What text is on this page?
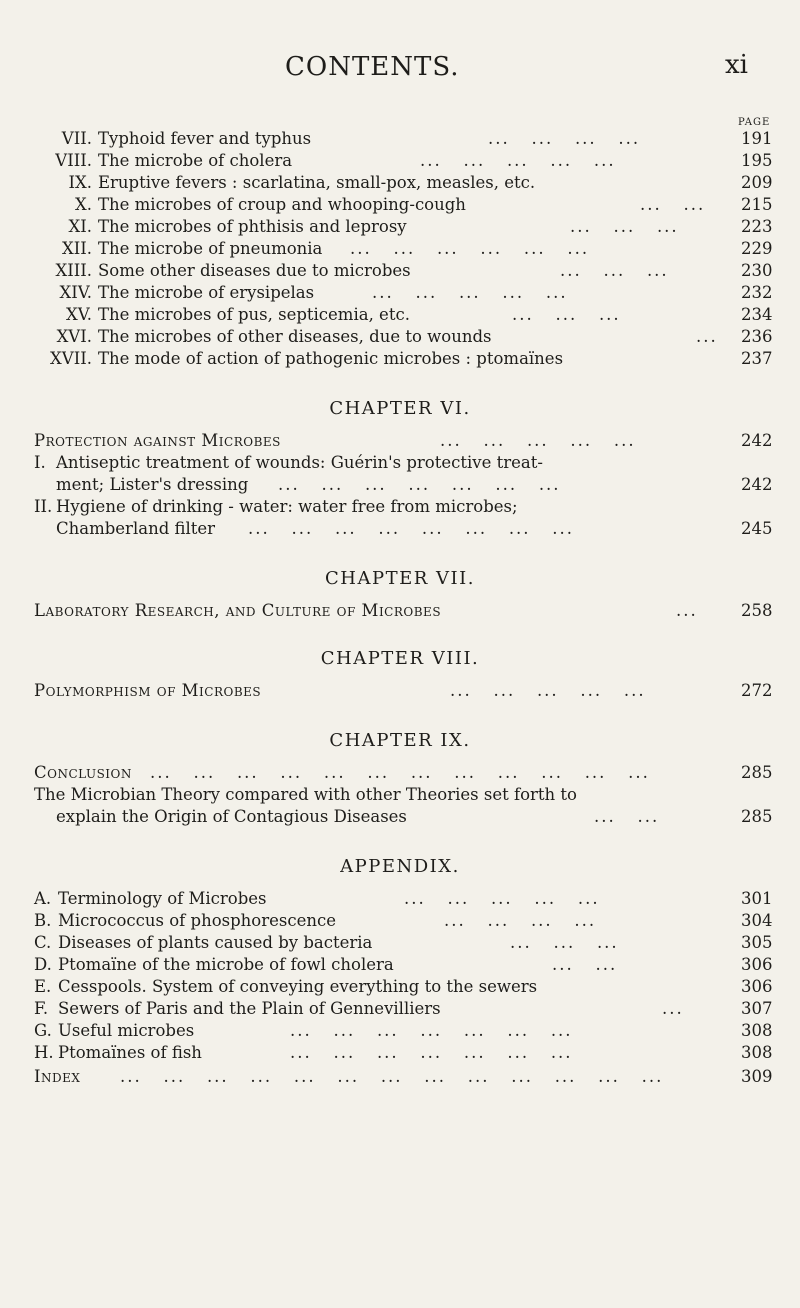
CONTENTS.	xi
PAGE
VII. Typhoid fever and typhus	...   ...   ...   ...	191
VIII. The microbe of cholera	...   ...   ...   ...   ...	195
IX. Eruptive fevers : scarlatina, small-pox, measles, etc.	209
X. The microbes of croup and whooping-cough	...   ... 215
XI. The microbes of phthisis and leprosy	...   ...   ...	223
XII. The microbe of pneumonia ...   ...   ...   ...   ...   ...	229
XIII. Some other diseases due to microbes	...   ...   ...	230
XIV. The microbe of erysipelas	...   ...   ...   ...   ...	232
XV. The microbes of pus, septicemia, etc.	...   ...   ...	234
XVI. The microbes of other diseases, due to wounds	... 236
XVII. The mode of action of pathogenic microbes : ptomaïnes	237
CHAPTER VI.
Protection against Microbes	...   ...   ...   ...   ...	242
I. Antiseptic treatment of wounds: Guérin's protective treat-
ment; Lister's dressing ...   ...   ...   ...   ...   ...   ...	242
II. Hygiene of drinking - water: water free from microbes;
Chamberland filter ...   ...   ...   ...   ...   ...   ...   ...	245
CHAPTER VII.
Laboratory Research, and Culture of Microbes	...	258
CHAPTER VIII.
Polymorphism of Microbes	...   ...   ...   ...   ...	272
CHAPTER IX.
Conclusion ...   ...   ...   ...   ...   ...   ...   ...   ...   ...   ...   ...	285
The Microbian Theory compared with other Theories set forth to
explain the Origin of Contagious Diseases	...   ...	285
APPENDIX.
A. Terminology of Microbes	...   ...   ...   ...   ...	301
B. Micrococcus of phosphorescence	...   ...   ...   ...	304
C. Diseases of plants caused by bacteria	...   ...   ...	305
D. Ptomaïne of the microbe of fowl cholera	...   ...	306
E. Cesspools. System of conveying everything to the sewers	306
F. Sewers of Paris and the Plain of Gennevilliers	...	307
G. Useful microbes	...   ...   ...   ...   ...   ...   ...	308
H. Ptomaïnes of fish	...   ...   ...   ...   ...   ...   ...	308
Index ...   ...   ...   ...   ...   ...   ...   ...   ...   ...   ...   ...   ...	309
